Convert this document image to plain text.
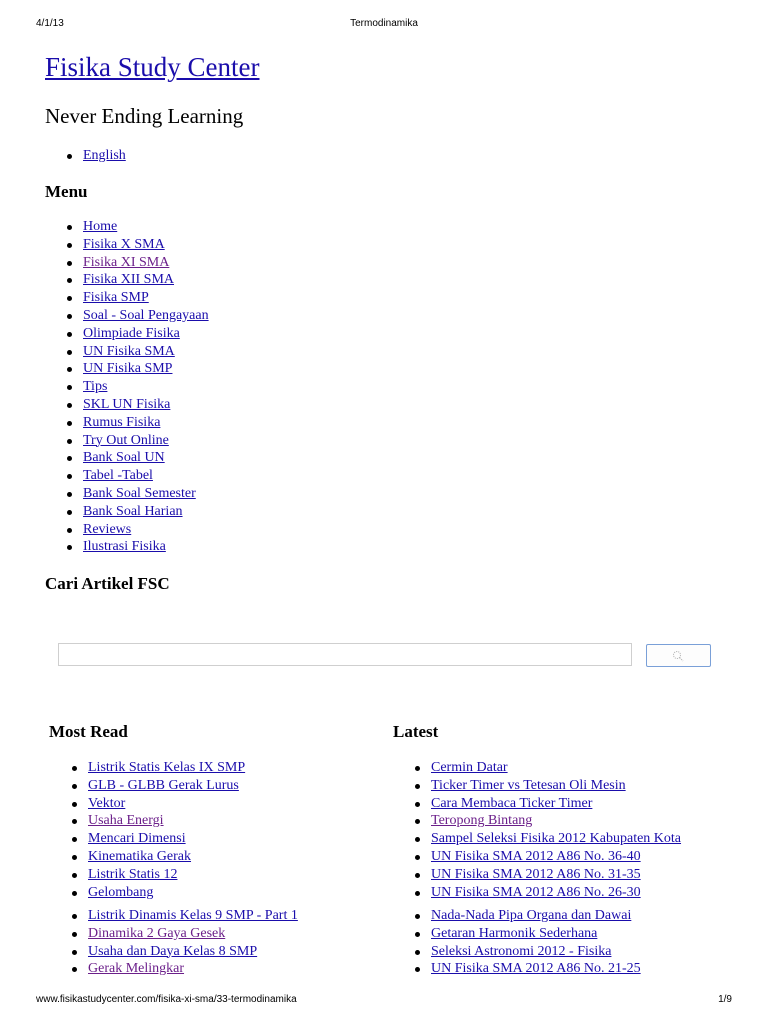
4/1/13	Termodinamika
Fisika Study Center
Never Ending Learning
English
Menu
Home
Fisika X SMA
Fisika XI SMA
Fisika XII SMA
Fisika SMP
Soal - Soal Pengayaan
Olimpiade Fisika
UN Fisika SMA
UN Fisika SMP
Tips
SKL UN Fisika
Rumus Fisika
Try Out Online
Bank Soal UN
Tabel -Tabel
Bank Soal Semester
Bank Soal Harian
Reviews
Ilustrasi Fisika
Cari Artikel FSC
Most Read	Latest
Listrik Statis Kelas IX SMP
GLB - GLBB Gerak Lurus
Vektor
Usaha Energi
Mencari Dimensi
Kinematika Gerak
Listrik Statis 12
Gelombang
Listrik Dinamis Kelas 9 SMP - Part 1
Dinamika 2 Gaya Gesek
Usaha dan Daya Kelas 8 SMP
Gerak Melingkar
Cermin Datar
Ticker Timer vs Tetesan Oli Mesin
Cara Membaca Ticker Timer
Teropong Bintang
Sampel Seleksi Fisika 2012 Kabupaten Kota
UN Fisika SMA 2012 A86 No. 36-40
UN Fisika SMA 2012 A86 No. 31-35
UN Fisika SMA 2012 A86 No. 26-30
Nada-Nada Pipa Organa dan Dawai
Getaran Harmonik Sederhana
Seleksi Astronomi 2012 - Fisika
UN Fisika SMA 2012 A86 No. 21-25
www.fisikastudycenter.com/fisika-xi-sma/33-termodinamika	1/9
